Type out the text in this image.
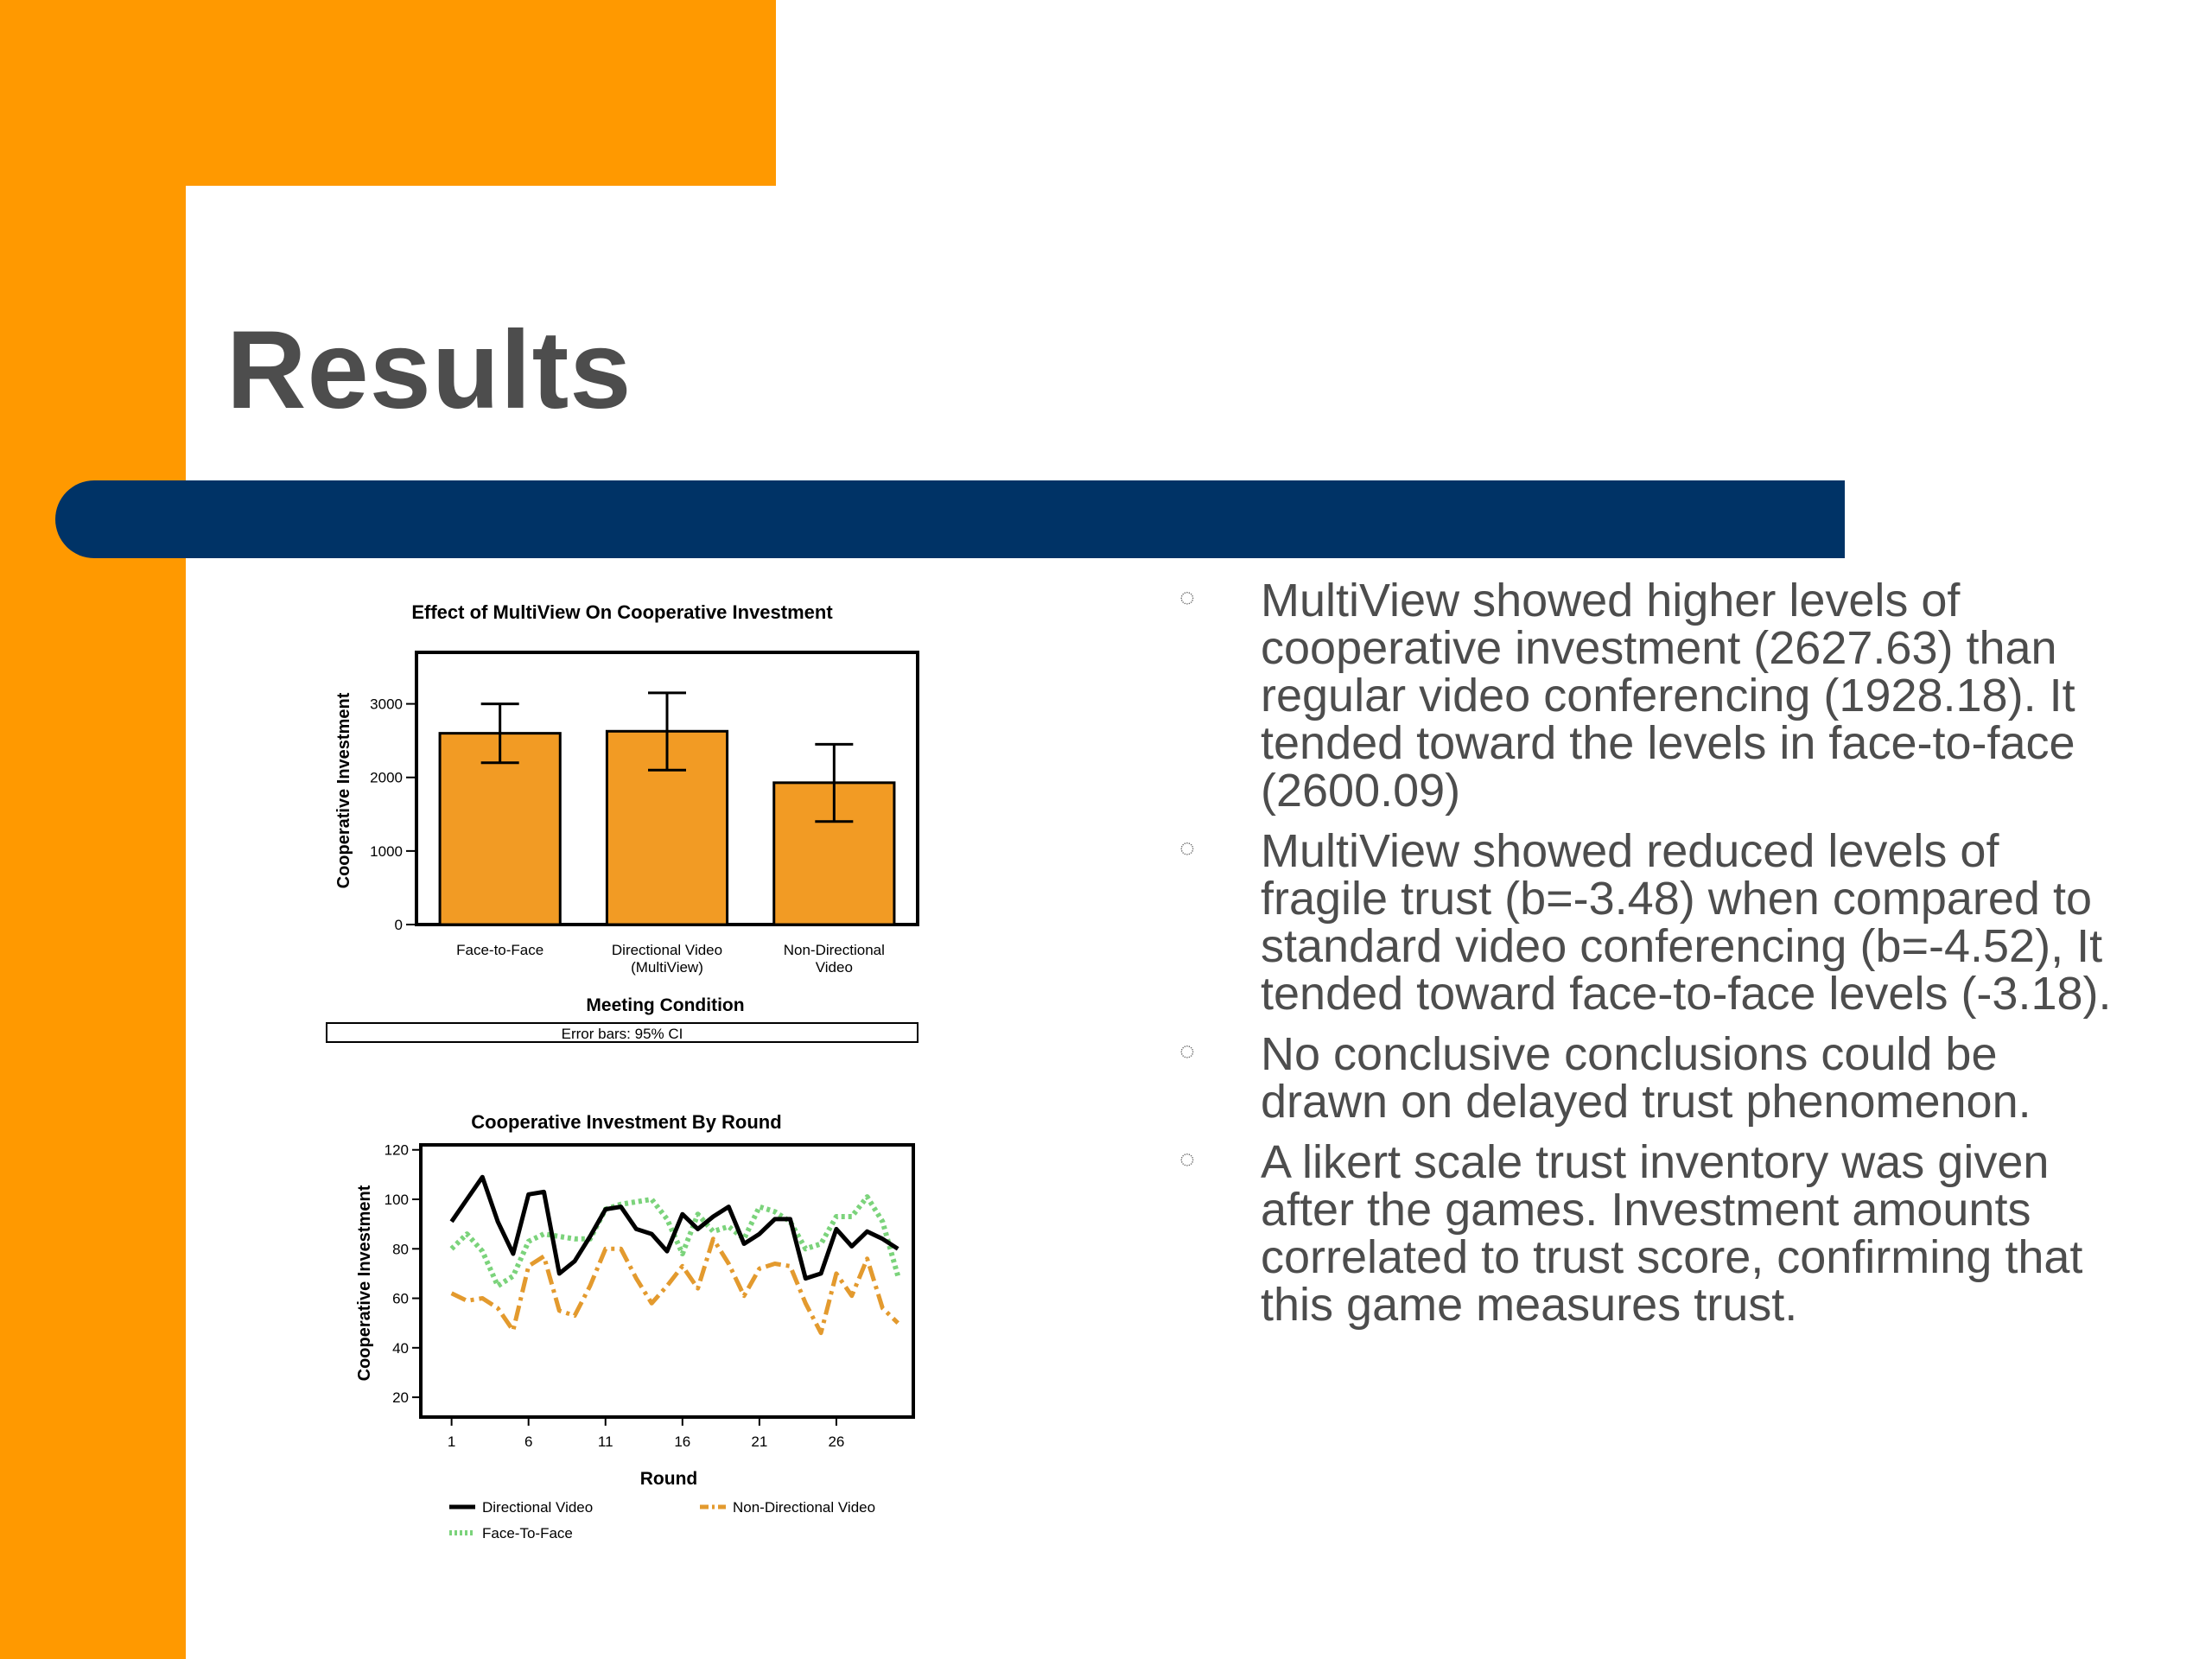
Results
Effect of MultiView On Cooperative Investment
Cooperative Investment
0
1000
2000
3000
Face-to-Face	Directional Video
(MultiView)
Non-Directional
Video
Meeting Condition
Error bars: 95% CI
Cooperative Investment By Round
Cooperative Investment
20
40
60
80
100
120
1	6	11	16	21	26
Round
Directional Video	Non-Directional Video
Face-To-Face
◌ MultiView showed higher levels of cooperative investment (2627.63) than regular video conferencing (1928.18). It tended toward the levels in face-to-face (2600.09)
◌ MultiView showed reduced levels of fragile trust (b=-3.48) when compared to standard video conferencing (b=-4.52), It tended toward face-to-face levels (-3.18).
◌ No conclusive conclusions could be drawn on delayed trust phenomenon.
◌ A likert scale trust inventory was given after the games. Investment amounts correlated to trust score, confirming that this game measures trust.
